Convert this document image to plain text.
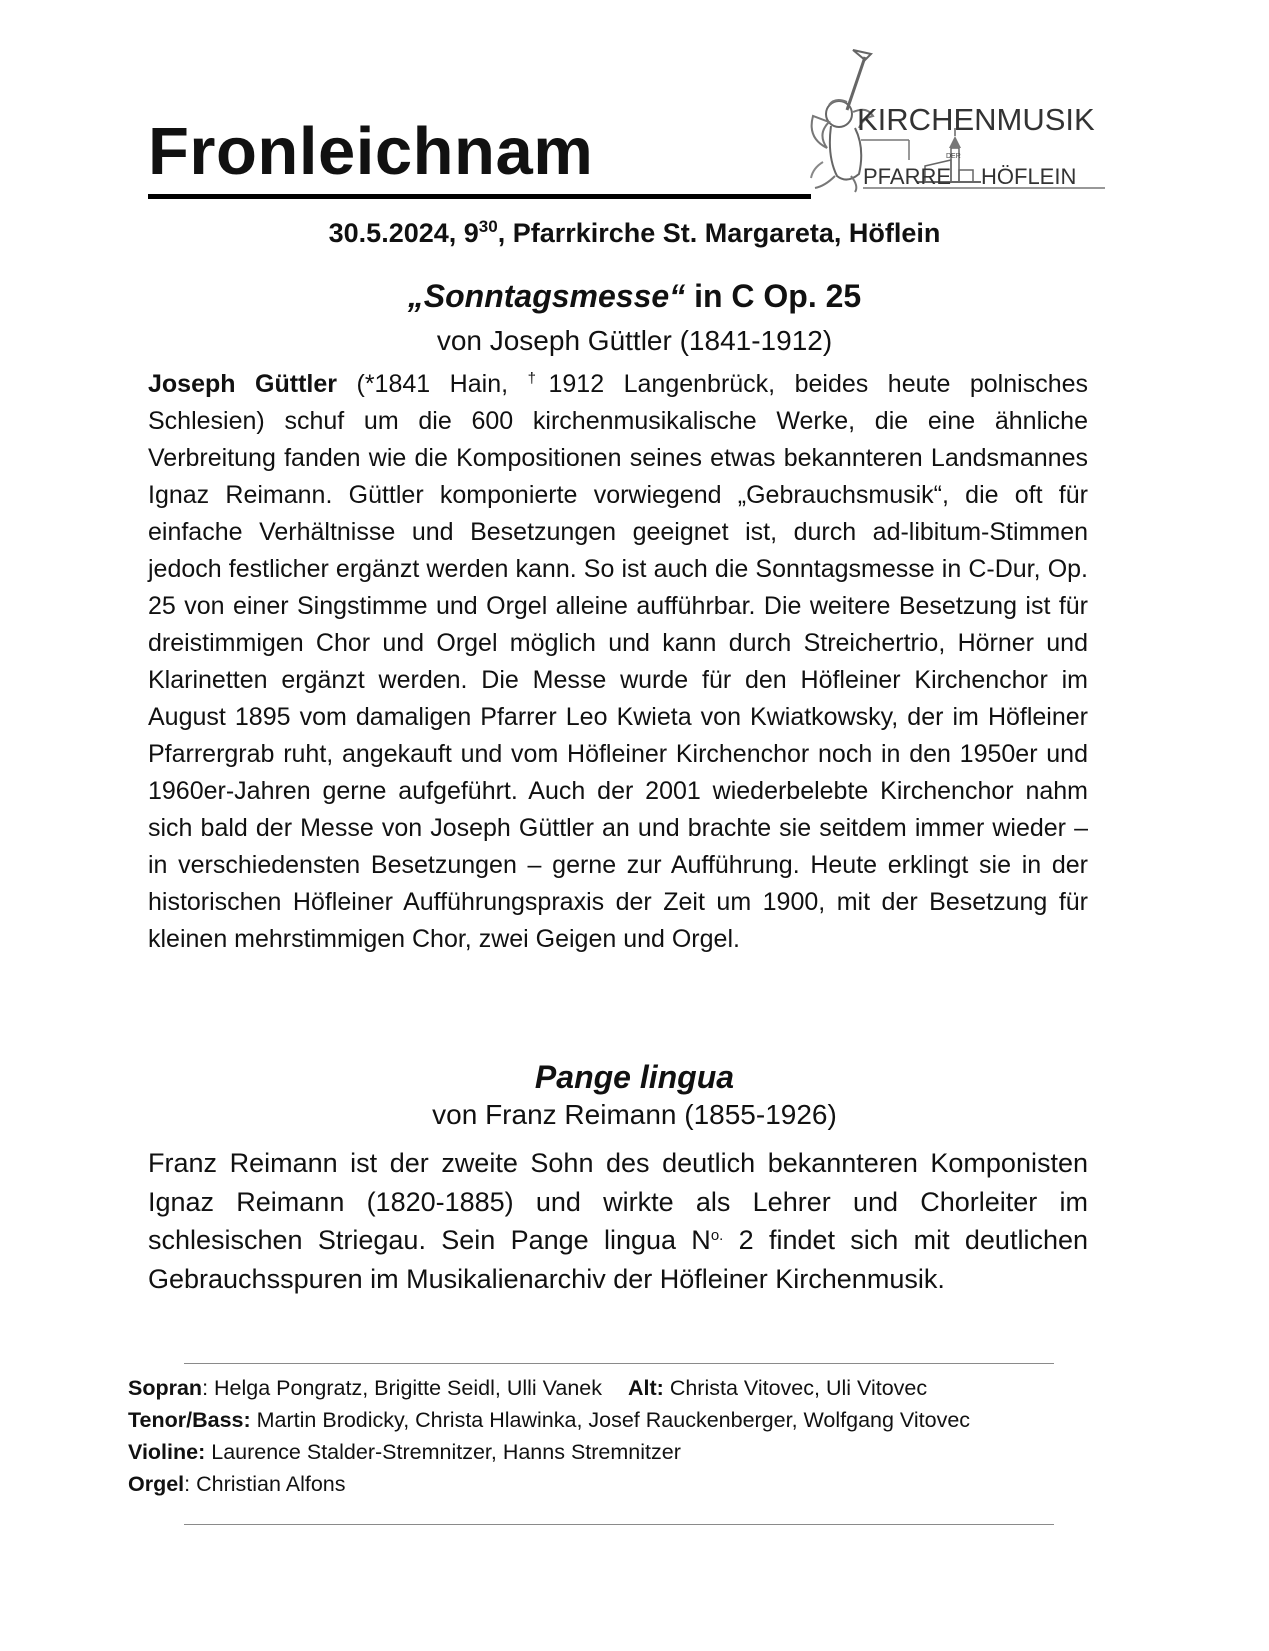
Fronleichnam	KIRCHENMUSIK
DER
PFARRE HÖFLEIN
30.5.2024, $9^{30}$, Pfarrkirche St. Margareta, Höflein
„Sonntagsmesse“ in C Op. 25
von Joseph Güttler (1841-1912)
Joseph Güttler (*1841 Hain, †1912 Langenbrück, beides heute polnisches Schlesien) schuf um die 600 kirchenmusikalische Werke, die eine ähnliche Verbreitung fanden wie die Kompositionen seines etwas bekannteren Landsmannes Ignaz Reimann. Güttler komponierte vorwiegend „Gebrauchsmusik“, die oft für einfache Verhältnisse und Besetzungen geeignet ist, durch ad-libitum-Stimmen jedoch festlicher ergänzt werden kann. So ist auch die Sonntagsmesse in C-Dur, Op. 25 von einer Singstimme und Orgel alleine aufführbar. Die weitere Besetzung ist für dreistimmigen Chor und Orgel möglich und kann durch Streichertrio, Hörner und Klarinetten ergänzt werden. Die Messe wurde für den Höfleiner Kirchenchor im August 1895 vom damaligen Pfarrer Leo Kwieta von Kwiatkowsky, der im Höfleiner Pfarrergrab ruht, angekauft und vom Höfleiner Kirchenchor noch in den 1950er und 1960er-Jahren gerne aufgeführt. Auch der 2001 wiederbelebte Kirchenchor nahm sich bald der Messe von Joseph Güttler an und brachte sie seitdem immer wieder – in verschiedensten Besetzungen – gerne zur Aufführung. Heute erklingt sie in der historischen Höfleiner Aufführungspraxis der Zeit um 1900, mit der Besetzung für kleinen mehrstimmigen Chor, zwei Geigen und Orgel.
Pange lingua
von Franz Reimann (1855-1926)
Franz Reimann ist der zweite Sohn des deutlich bekannteren Komponisten Ignaz Reimann (1820-1885) und wirkte als Lehrer und Chorleiter im schlesischen Striegau. Sein Pange lingua $N^{o.}$ 2 findet sich mit deutlichen Gebrauchsspuren im Musikalienarchiv der Höfleiner Kirchenmusik.
Sopran: Helga Pongratz, Brigitte Seidl, Ulli Vanek Alt: Christa Vitovec, Uli Vitovec
Tenor/Bass: Martin Brodicky, Christa Hlawinka, Josef Rauckenberger, Wolfgang Vitovec
Violine: Laurence Stalder-Stremnitzer, Hanns Stremnitzer
Orgel: Christian Alfons
